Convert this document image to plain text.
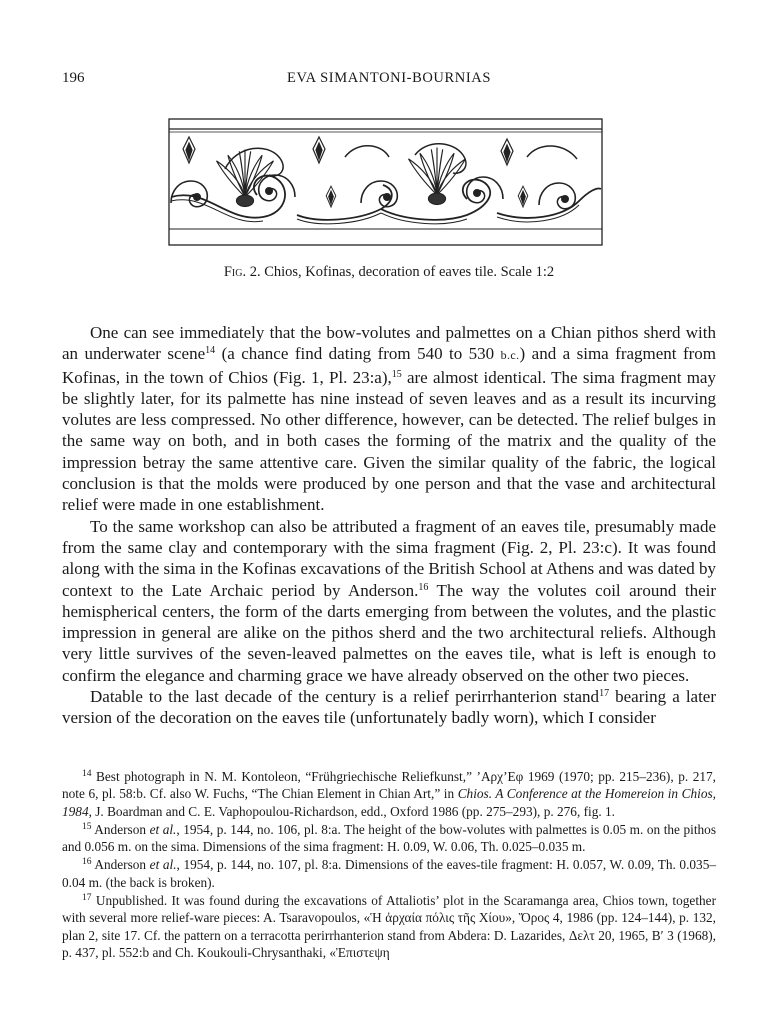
196	EVA SIMANTONI-BOURNIAS
Fig. 2. Chios, Kofinas, decoration of eaves tile. Scale 1:2

One can see immediately that the bow-volutes and palmettes on a Chian pithos sherd with an underwater scene$^{14}$ (a chance find dating from 540 to 530 b.c.) and a sima fragment from Kofinas, in the town of Chios (Fig. 1, Pl. 23:a),$^{15}$ are almost identical. The sima fragment may be slightly later, for its palmette has nine instead of seven leaves and as a result its incurving volutes are less compressed. No other difference, however, can be detected. The relief bulges in the same way on both, and in both cases the forming of the matrix and the quality of the impression betray the same attentive care. Given the similar quality of the fabric, the logical conclusion is that the molds were produced by one person and that the vase and architectural relief were made in one establishment.

To the same workshop can also be attributed a fragment of an eaves tile, presumably made from the same clay and contemporary with the sima fragment (Fig. 2, Pl. 23:c). It was found along with the sima in the Kofinas excavations of the British School at Athens and was dated by context to the Late Archaic period by Anderson.$^{16}$ The way the volutes coil around their hemispherical centers, the form of the darts emerging from between the volutes, and the plastic impression in general are alike on the pithos sherd and the two architectural reliefs. Although very little survives of the seven-leaved palmettes on the eaves tile, what is left is enough to confirm the elegance and charming grace we have already observed on the other two pieces.

Datable to the last decade of the century is a relief perirrhanterion stand$^{17}$ bearing a later version of the decoration on the eaves tile (unfortunately badly worn), which I consider

$^{14}$ Best photograph in N. M. Kontoleon, “Frühgriechische Reliefkunst,” ’Αρχ’Εφ 1969 (1970; pp. 215–236), p. 217, note 6, pl. 58:b. Cf. also W. Fuchs, “The Chian Element in Chian Art,” in Chios. A Conference at the Homereion in Chios, 1984, J. Boardman and C. E. Vaphopoulou-Richardson, edd., Oxford 1986 (pp. 275–293), p. 276, fig. 1.

$^{15}$ Anderson et al., 1954, p. 144, no. 106, pl. 8:a. The height of the bow-volutes with palmettes is 0.05 m. on the pithos and 0.056 m. on the sima. Dimensions of the sima fragment: H. 0.09, W. 0.06, Th. 0.025–0.035 m.

$^{16}$ Anderson et al., 1954, p. 144, no. 107, pl. 8:a. Dimensions of the eaves-tile fragment: H. 0.057, W. 0.09, Th. 0.035–0.04 m. (the back is broken).

$^{17}$ Unpublished. It was found during the excavations of Attaliotis’ plot in the Scaramanga area, Chios town, together with several more relief-ware pieces: A. Tsaravopoulos, «Ἡ ἀρχαία πόλις τῆς Χίου», Ὅρος 4, 1986 (pp. 124–144), p. 132, plan 2, site 17. Cf. the pattern on a terracotta perirrhanterion stand from Abdera: D. Lazarides, Δελτ 20, 1965, Β′ 3 (1968), p. 437, pl. 552:b and Ch. Koukouli-Chrysanthaki, «Ἐπιστεψη
